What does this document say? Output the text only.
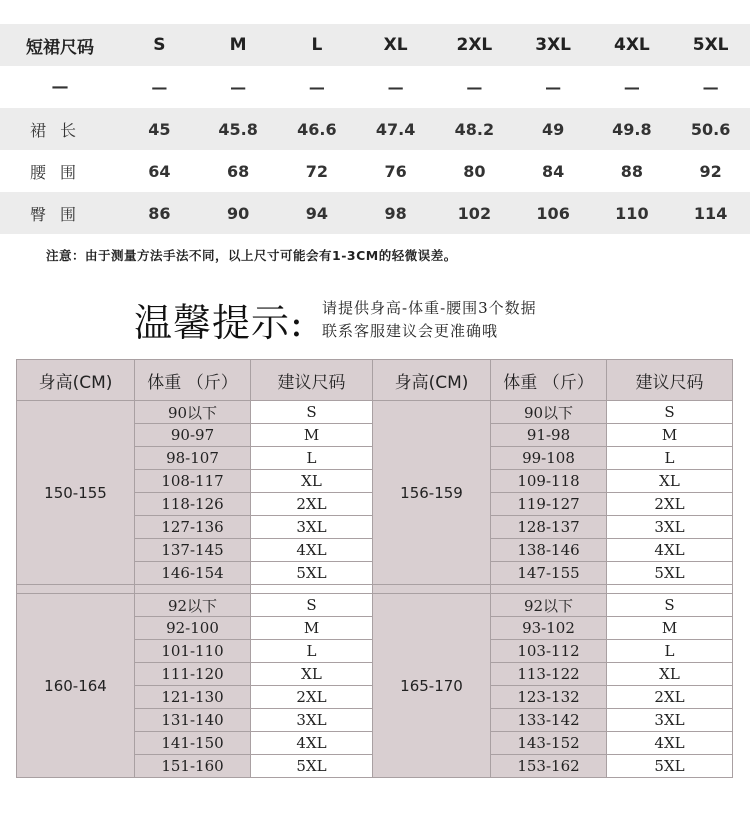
短裙尺码	S	M	L	XL	2XL	3XL	4XL	5XL
—	—	—	—	—	—	—	—	—
裙长	45	45.8	46.6	47.4	48.2	49	49.8	50.6
腰围	64	68	72	76	80	84	88	92
臀围	86	90	94	98	102	106	110	114
注意：由于测量方法手法不同，以上尺寸可能会有1-3CM的轻微误差。
温馨提示: 请提供身高-体重-腰围3个数据
联系客服建议会更准确哦
身高(CM)	体重 （斤）	建议尺码	身高(CM)	体重 （斤）	建议尺码
150-155	90以下	S	156-159	90以下	S
	90-97	M		91-98	M
	98-107	L		99-108	L
	108-117	XL		109-118	XL
	118-126	2XL		119-127	2XL
	127-136	3XL		128-137	3XL
	137-145	4XL		138-146	4XL
	146-154	5XL		147-155	5XL

160-164	92以下	S	165-170	92以下	S
	92-100	M		93-102	M
	101-110	L		103-112	L
	111-120	XL		113-122	XL
	121-130	2XL		123-132	2XL
	131-140	3XL		133-142	3XL
	141-150	4XL		143-152	4XL
	151-160	5XL		153-162	5XL
